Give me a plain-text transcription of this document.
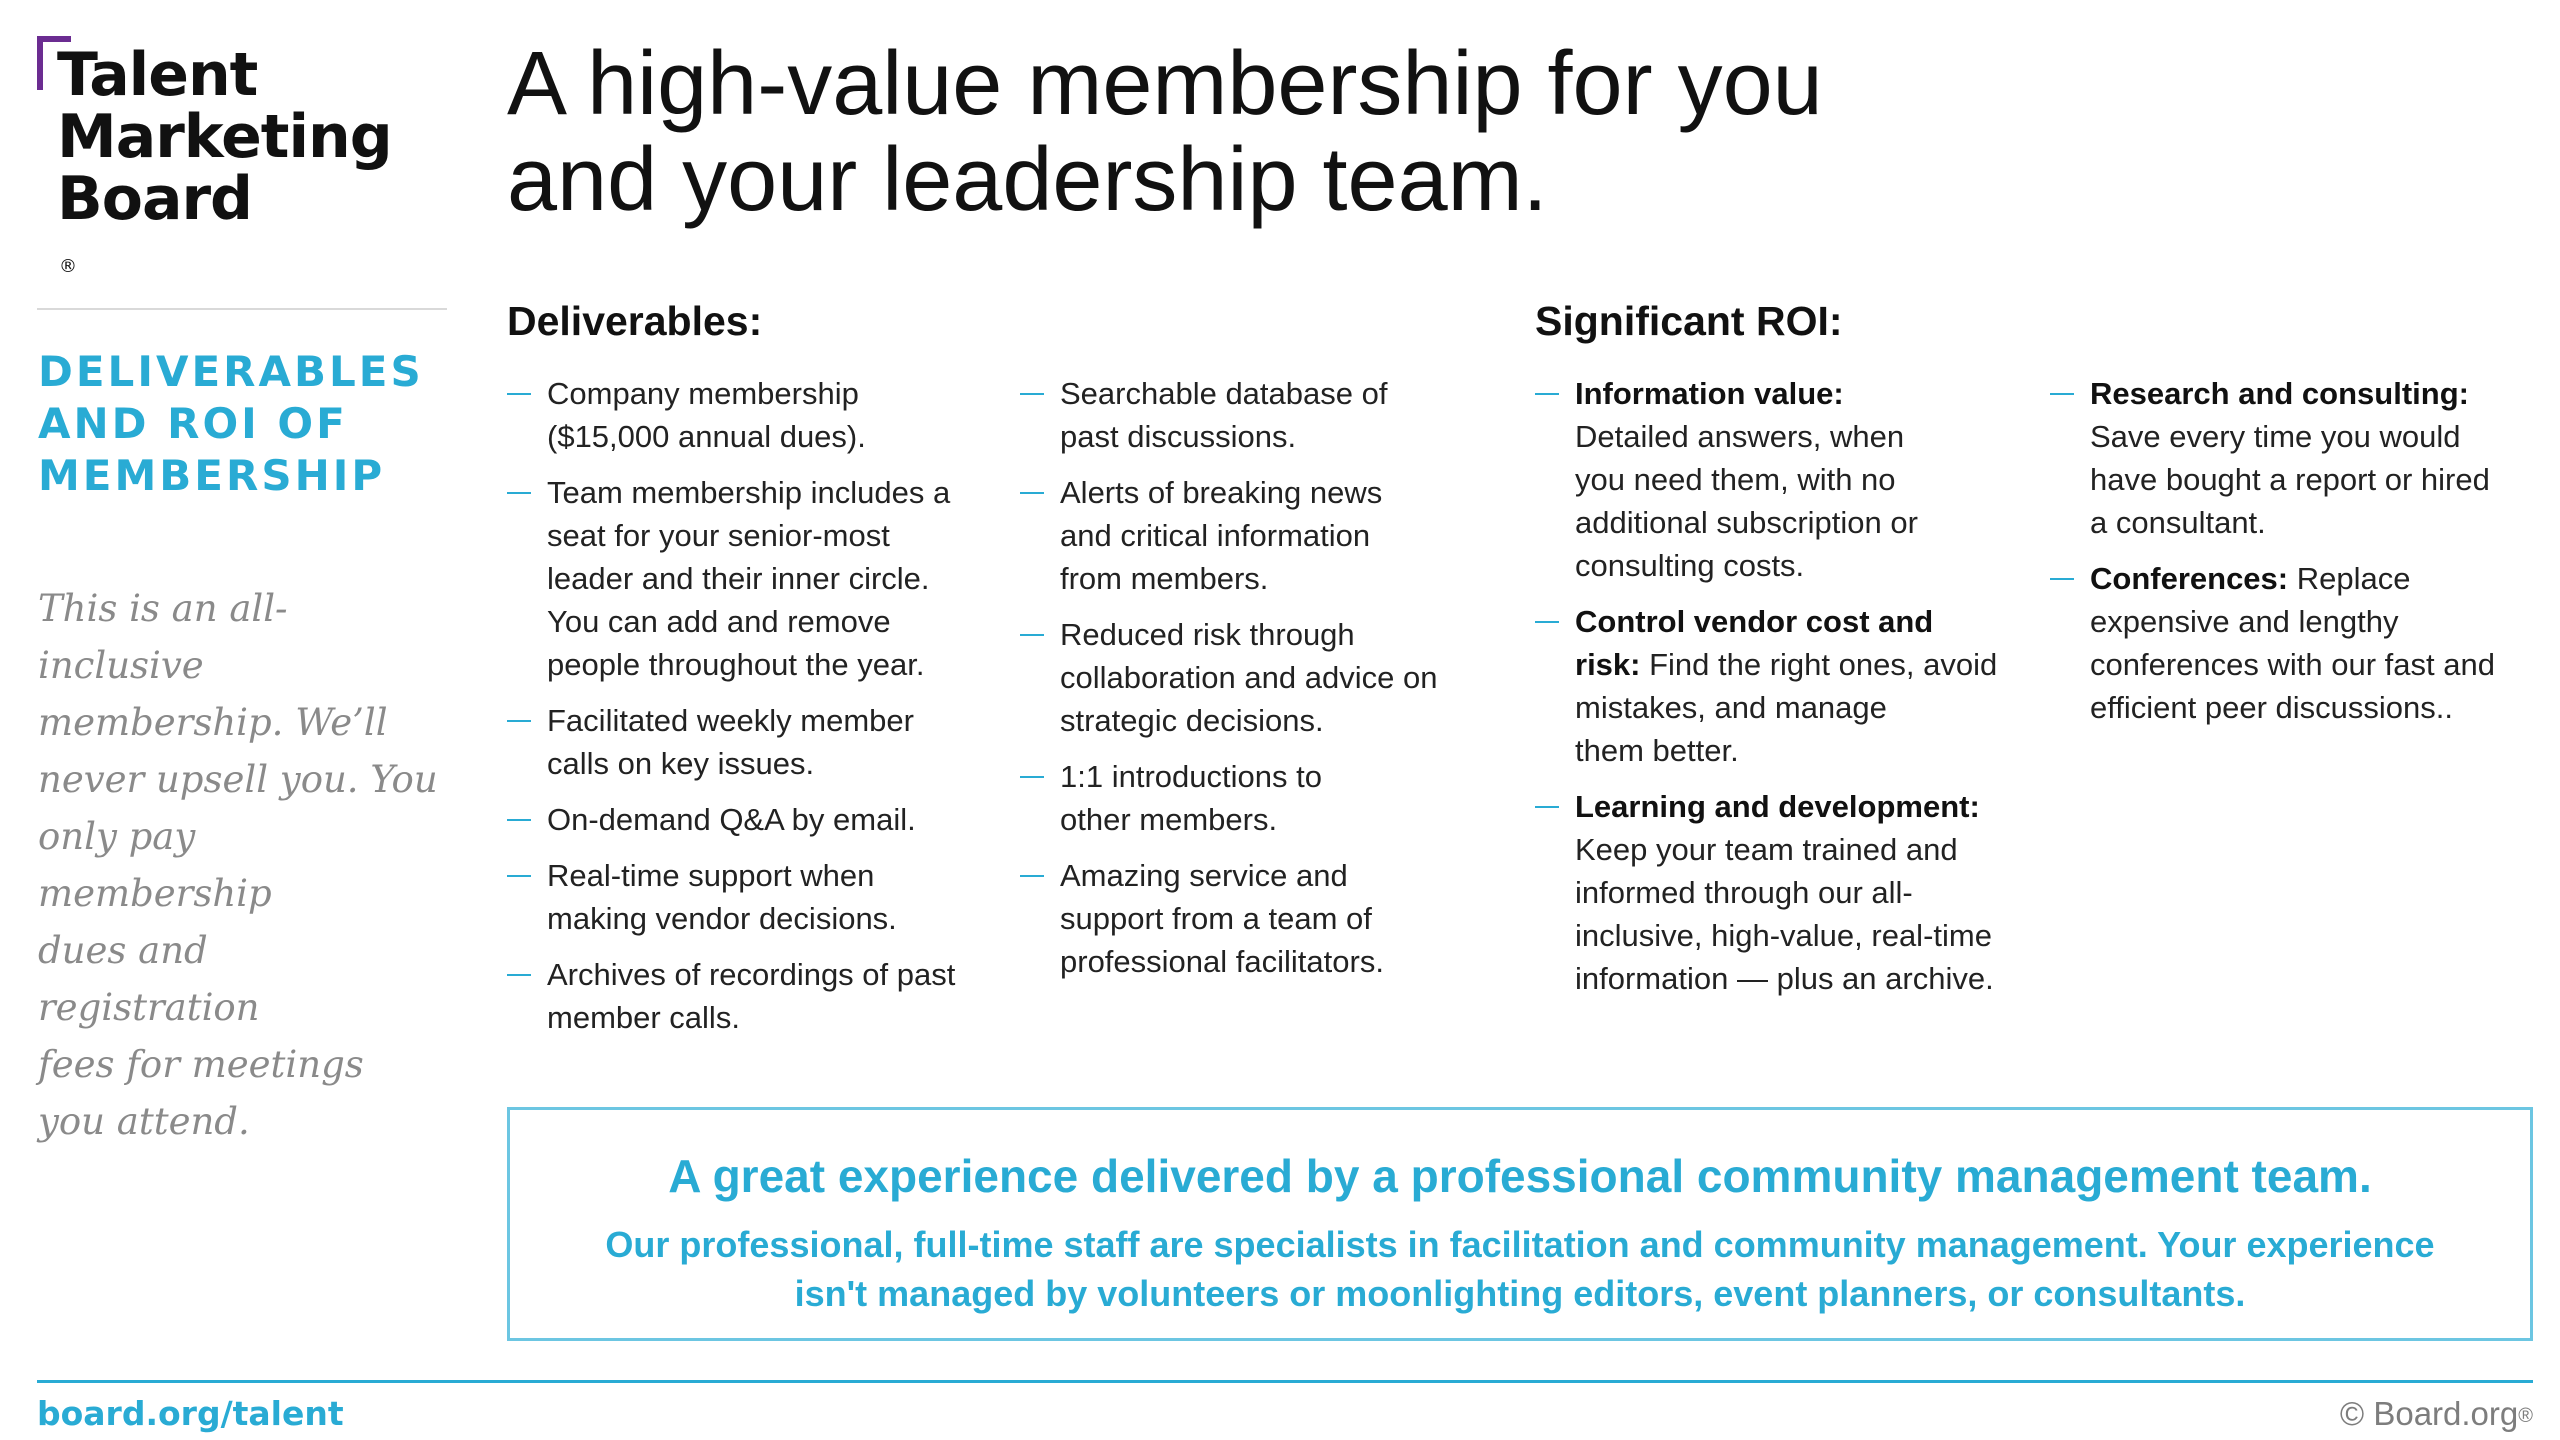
Talent
Marketing
Board
®
DELIVERABLES
AND ROI OF
MEMBERSHIP
This is an all-inclusive
membership. We’ll
never upsell you. You
only pay membership
dues and registration
fees for meetings
you attend.
A high-value membership for you
and your leadership team.
Deliverables:
Company membership
($15,000 annual dues).
Team membership includes a
seat for your senior-most
leader and their inner circle.
You can add and remove
people throughout the year.
Facilitated weekly member
calls on key issues.
On-demand Q&A by email.
Real-time support when
making vendor decisions.
Archives of recordings of past
member calls.
Searchable database of
past discussions.
Alerts of breaking news
and critical information
from members.
Reduced risk through
collaboration and advice on
strategic decisions.
1:1 introductions to
other members.
Amazing service and
support from a team of
professional facilitators.
Significant ROI:
Information value:
Detailed answers, when
you need them, with no
additional subscription or
consulting costs.
Control vendor cost and
risk: Find the right ones, avoid
mistakes, and manage
them better.
Learning and development:
Keep your team trained and
informed through our all-
inclusive, high-value, real-time
information — plus an archive.
Research and consulting:
Save every time you would
have bought a report or hired
a consultant.
Conferences: Replace
expensive and lengthy
conferences with our fast and
efficient peer discussions..
A great experience delivered by a professional community management team.
Our professional, full-time staff are specialists in facilitation and community management. Your experience
isn't managed by volunteers or moonlighting editors, event planners, or consultants.
board.org/talent	© Board.org®
